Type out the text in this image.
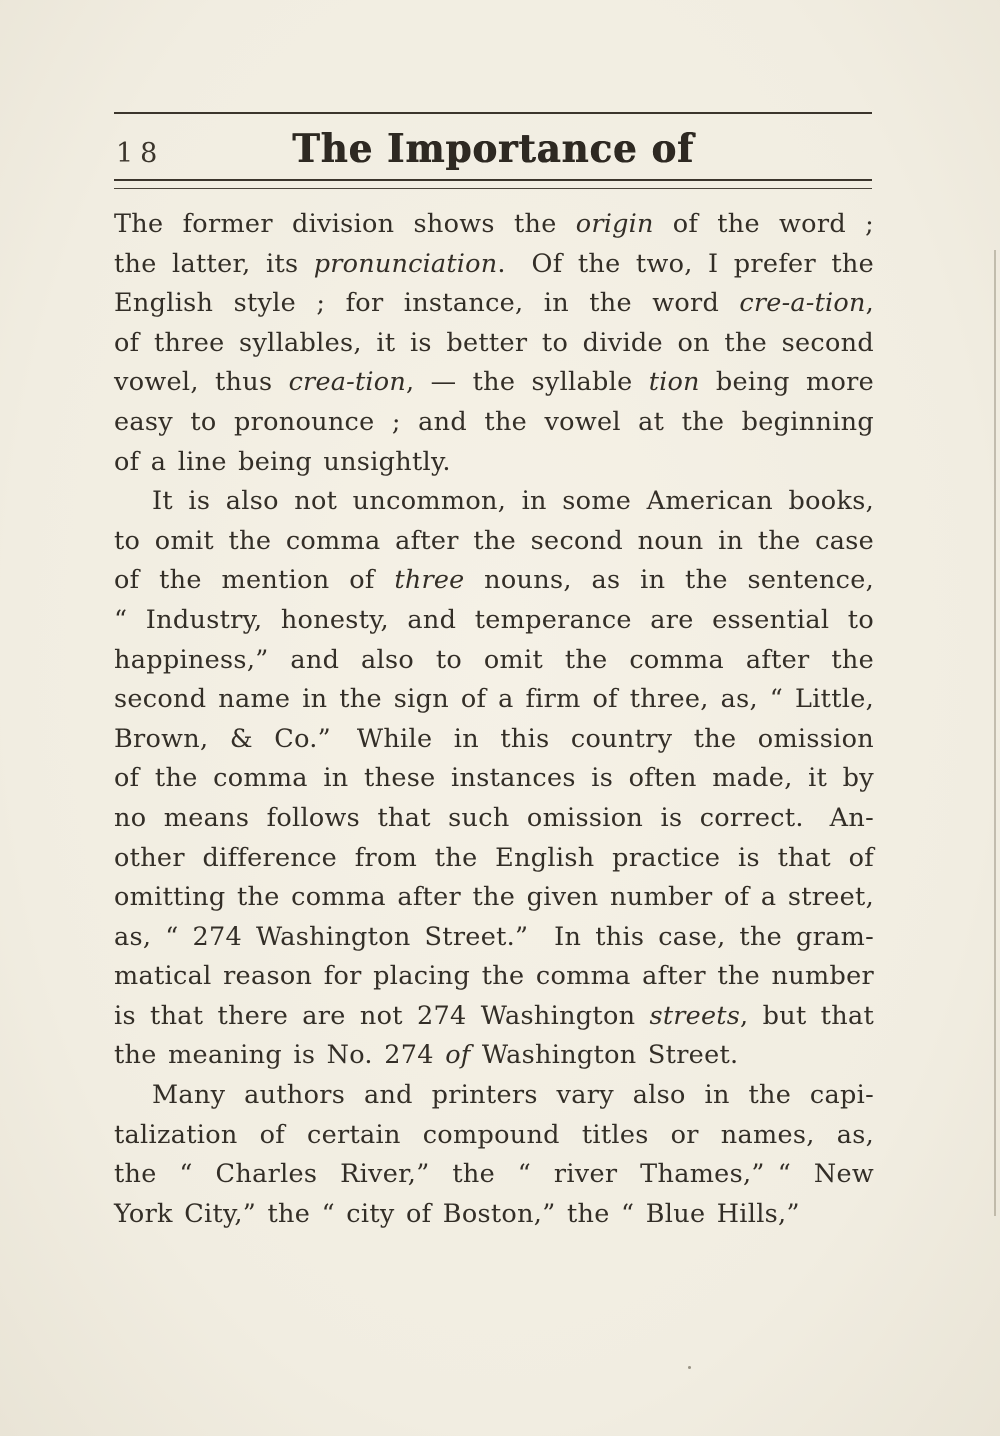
18	The Importance of
The former division shows the origin of the word ;
the latter, its pronunciation. Of the two, I prefer the
English style ; for instance, in the word cre-a-tion,
of three syllables, it is better to divide on the second
vowel, thus crea-tion, — the syllable tion being more
easy to pronounce ; and the vowel at the beginning
of a line being unsightly.
It is also not uncommon, in some American books,
to omit the comma after the second noun in the case
of the mention of three nouns, as in the sentence,
“ Industry, honesty, and temperance are essential to
happiness,” and also to omit the comma after the
second name in the sign of a firm of three, as, “ Little,
Brown, & Co.” While in this country the omission
of the comma in these instances is often made, it by
no means follows that such omission is correct. An-
other difference from the English practice is that of
omitting the comma after the given number of a street,
as, “ 274 Washington Street.” In this case, the gram-
matical reason for placing the comma after the number
is that there are not 274 Washington streets, but that
the meaning is No. 274 of Washington Street.
Many authors and printers vary also in the capi-
talization of certain compound titles or names, as,
the “ Charles River,” the “ river Thames,” “ New
York City,” the “ city of Boston,” the “ Blue Hills,”
